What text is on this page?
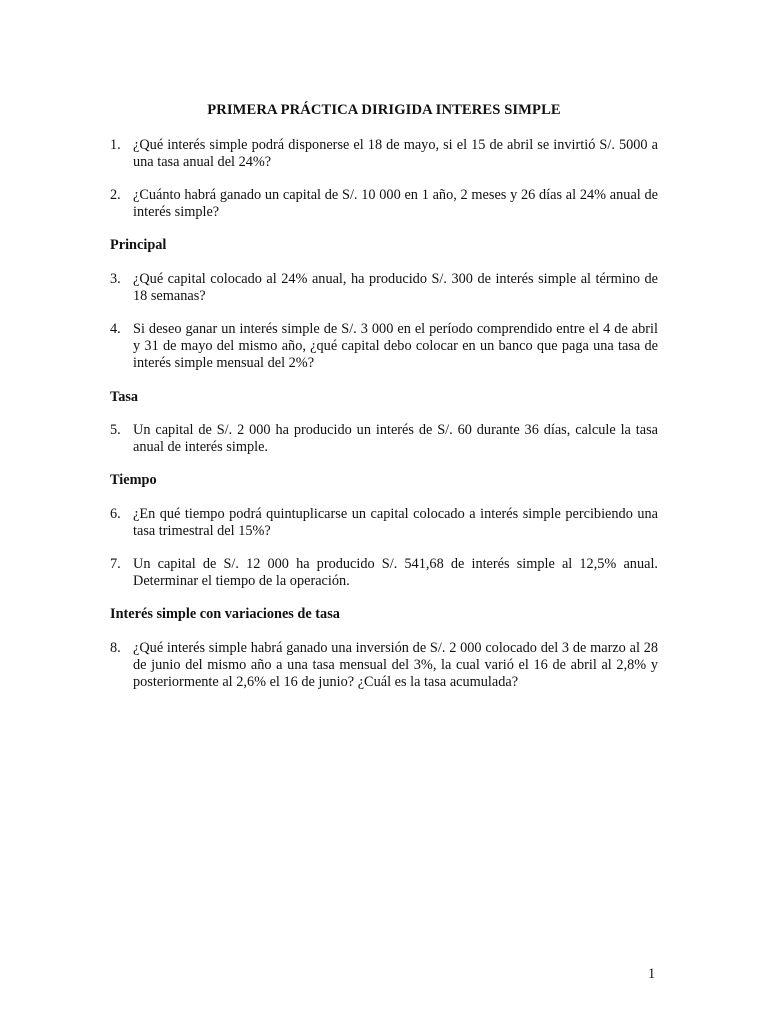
PRIMERA PRÁCTICA DIRIGIDA INTERES SIMPLE
1. ¿Qué interés simple podrá disponerse el 18 de mayo, si el 15 de abril se invirtió S/. 5000 a una tasa anual del 24%?
2. ¿Cuánto habrá ganado un capital de S/. 10 000 en 1 año, 2 meses y 26 días al 24% anual de interés simple?
Principal
3. ¿Qué capital colocado al 24% anual, ha producido S/. 300 de interés simple al término de 18 semanas?
4. Si deseo ganar un interés simple de S/. 3 000 en el período comprendido entre el 4 de abril y 31 de mayo del mismo año, ¿qué capital debo colocar en un banco que paga una tasa de interés simple mensual del 2%?
Tasa
5. Un capital de S/. 2 000 ha producido un interés de S/. 60 durante 36 días, calcule la tasa anual de interés simple.
Tiempo
6. ¿En qué tiempo podrá quintuplicarse un capital colocado a interés simple percibiendo una tasa trimestral del 15%?
7. Un capital de S/. 12 000 ha producido S/. 541,68 de interés simple al 12,5% anual. Determinar el tiempo de la operación.
Interés simple con variaciones de tasa
8. ¿Qué interés simple habrá ganado una inversión de S/. 2 000 colocado del 3 de marzo al 28 de junio del mismo año a una tasa mensual del 3%, la cual varió el 16 de abril al 2,8% y posteriormente al 2,6% el 16 de junio? ¿Cuál es la tasa acumulada?
1
